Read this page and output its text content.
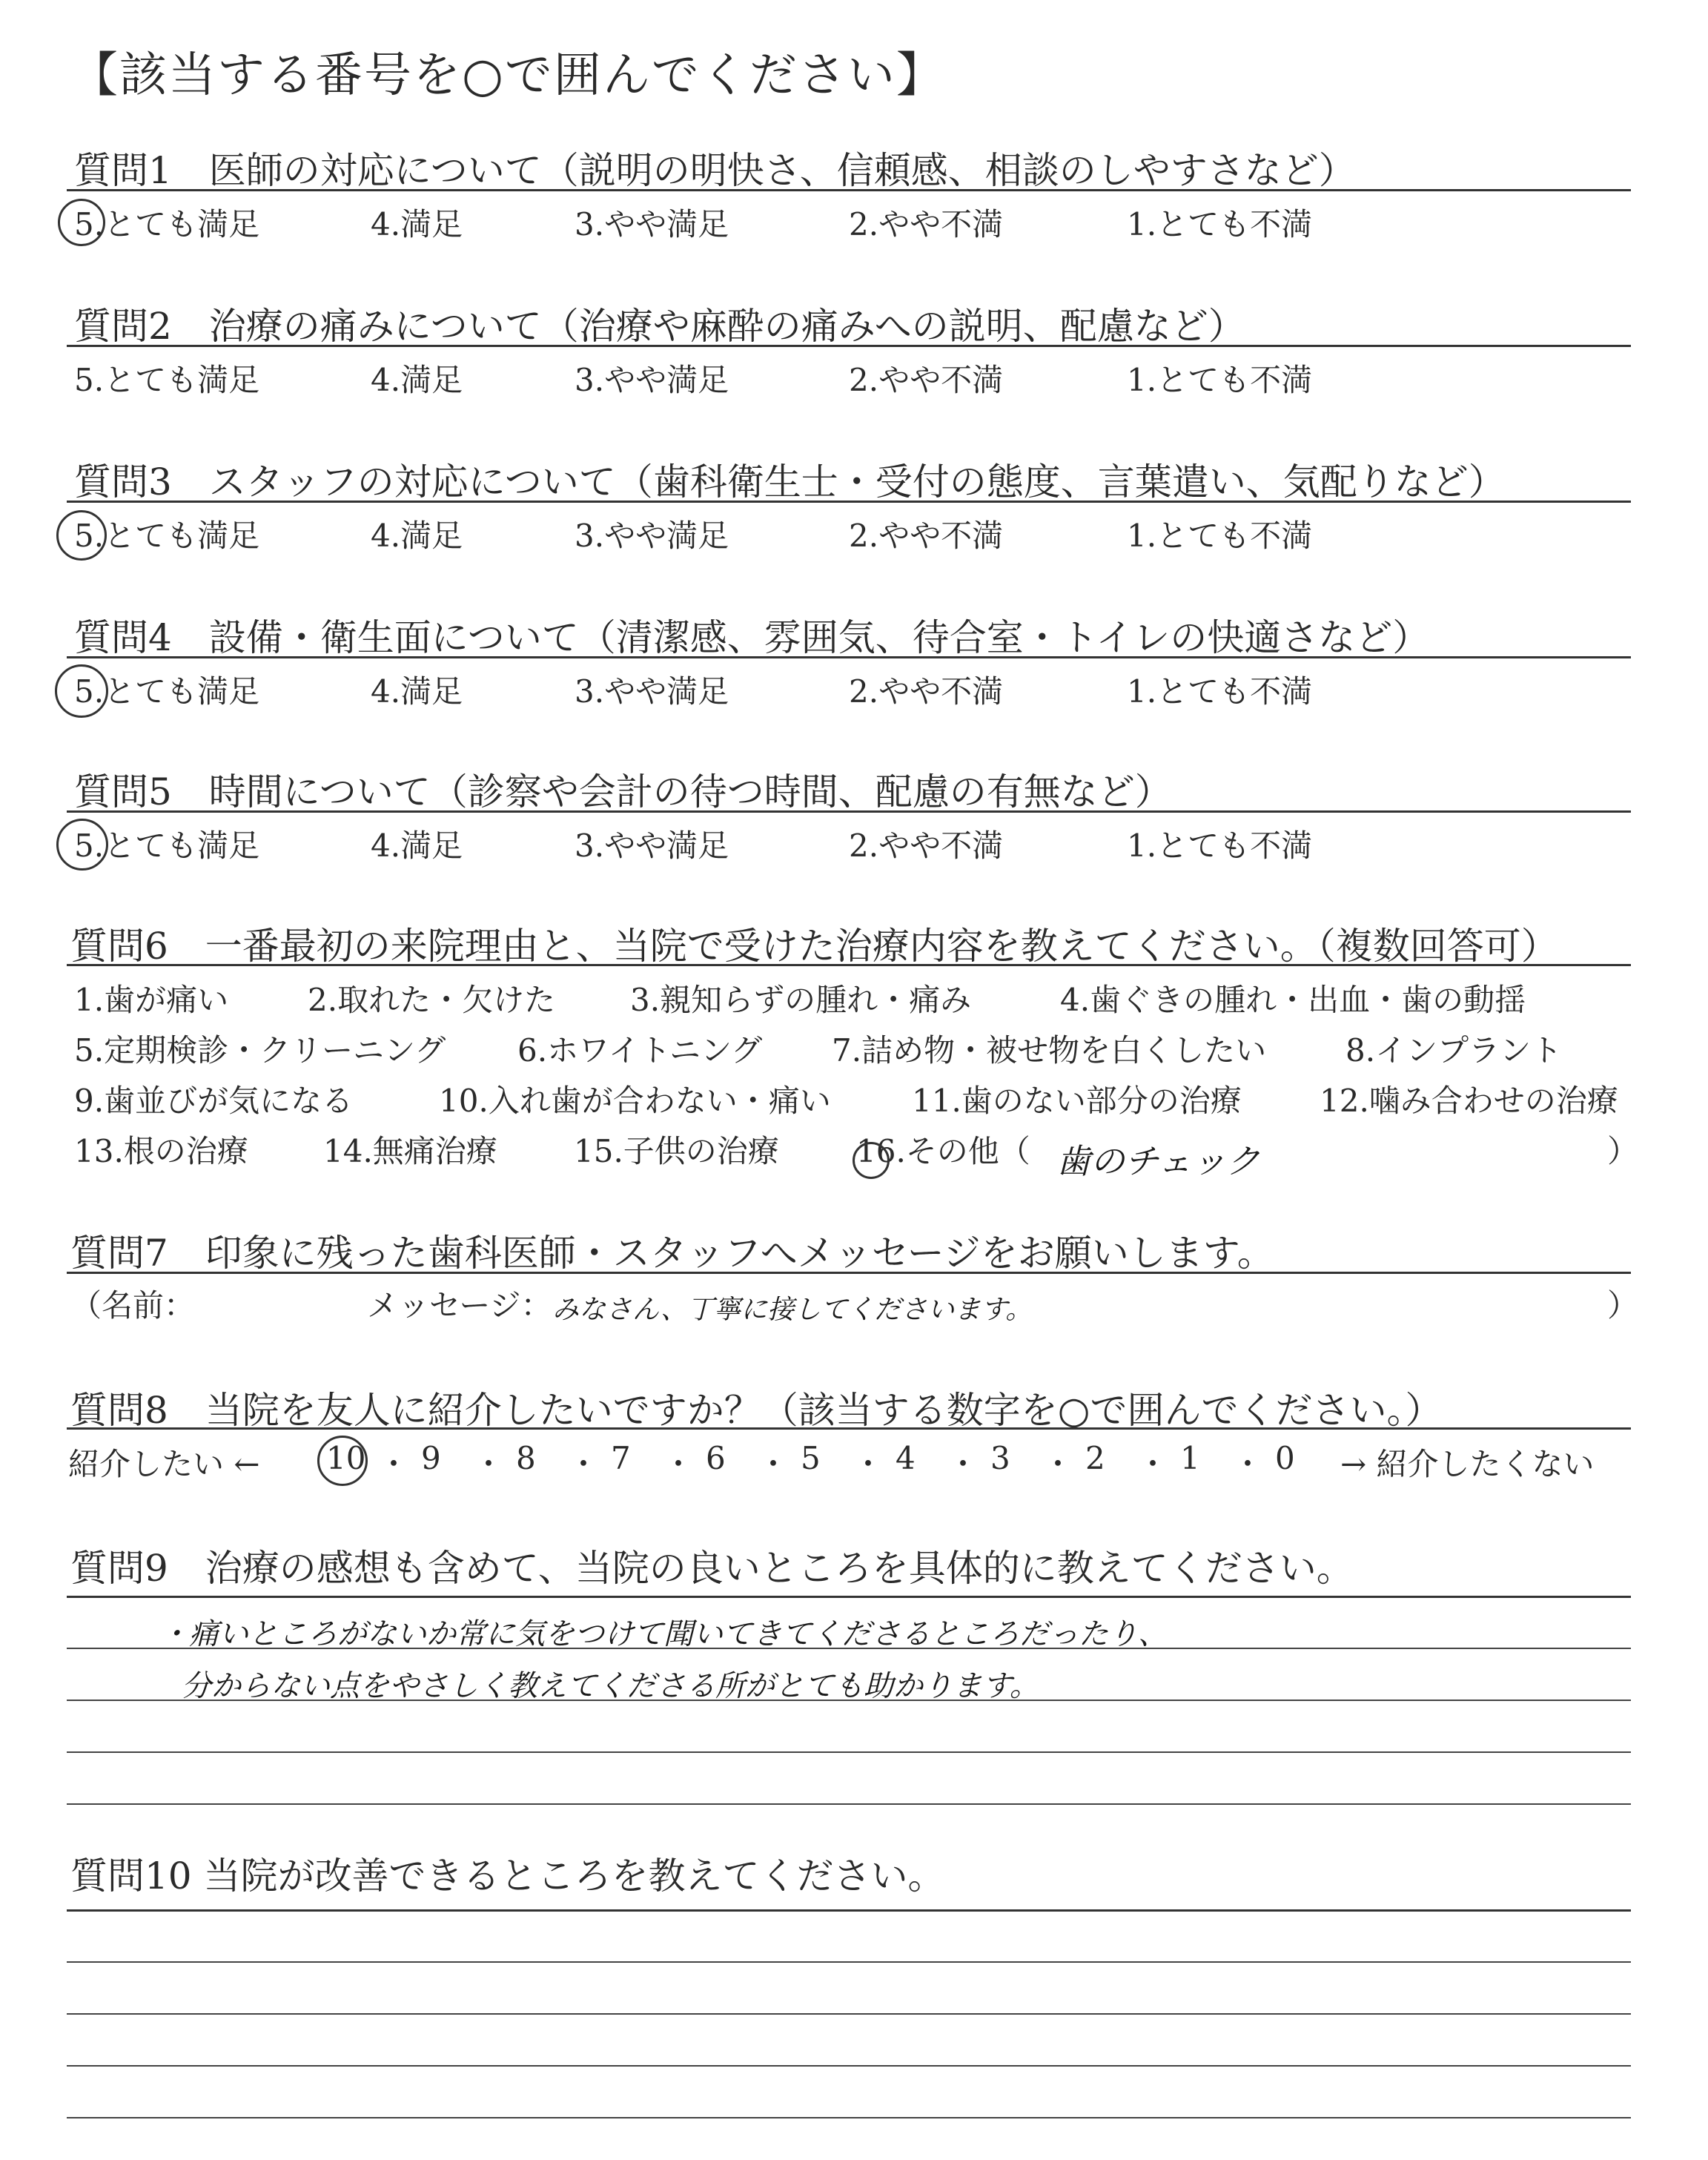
【該当する番号を○で囲んでください】
質問1　医師の対応について（説明の明快さ、信頼感、相談のしやすさなど）
5.とても満足	4.満足	3.やや満足	2.やや不満	1.とても不満
質問2　治療の痛みについて（治療や麻酔の痛みへの説明、配慮など）
5.とても満足	4.満足	3.やや満足	2.やや不満	1.とても不満
質問3　スタッフの対応について（歯科衛生士・受付の態度、言葉遣い、気配りなど）
5.とても満足	4.満足	3.やや満足	2.やや不満	1.とても不満
質問4　設備・衛生面について（清潔感、雰囲気、待合室・トイレの快適さなど）
5.とても満足	4.満足	3.やや満足	2.やや不満	1.とても不満
質問5　時間について（診察や会計の待つ時間、配慮の有無など）
5.とても満足	4.満足	3.やや満足	2.やや不満	1.とても不満
質問6　一番最初の来院理由と、当院で受けた治療内容を教えてください。（複数回答可）
1.歯が痛い	2.取れた・欠けた 3.親知らずの腫れ・痛み	4.歯ぐきの腫れ・出血・歯の動揺
5.定期検診・クリーニング 6.ホワイトニング 7.詰め物・被せ物を白くしたい	8.インプラント
9.歯並びが気になる	10.入れ歯が合わない・痛い	11.歯のない部分の治療	12.噛み合わせの治療
13.根の治療 14.無痛治療 15.子供の治療 16.その他（ 歯のチェック	）
質問7　印象に残った歯科医師・スタッフへメッセージをお願いします。
（名前：	メッセージ： みなさん、丁寧に接してくださいます。	）
質問8　当院を友人に紹介したいですか？（該当する数字を○で囲んでください。）
紹介したい ← 10 ・ 9 ・ 8 ・ 7 ・ 6 ・ 5 ・ 4 ・ 3 ・ 2 ・ 1 ・ 0 → 紹介したくない
質問9　治療の感想も含めて、当院の良いところを具体的に教えてください。
・痛いところがないか常に気をつけて聞いてきてくださるところだったり、
分からない点をやさしく教えてくださる所がとても助かります。
質問10 当院が改善できるところを教えてください。
